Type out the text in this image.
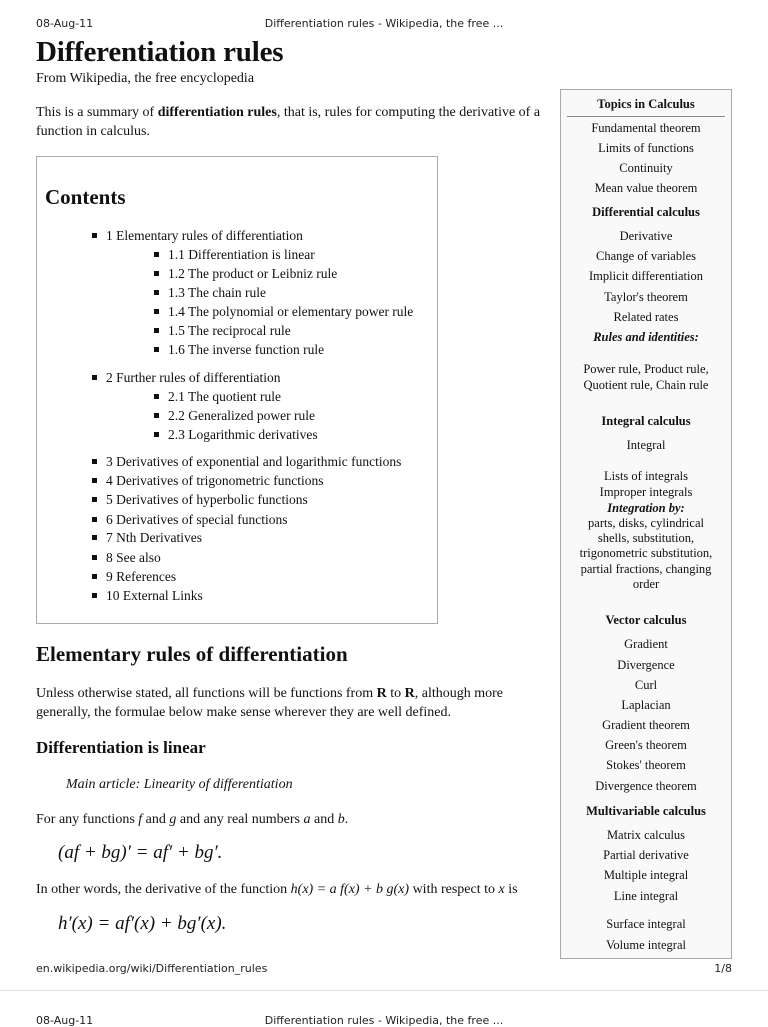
08-Aug-11	Differentiation rules - Wikipedia, the free ...
Differentiation rules
From Wikipedia, the free encyclopedia
This is a summary of differentiation rules, that is, rules for computing the derivative of a function in calculus.
Contents
1 Elementary rules of differentiation
1.1 Differentiation is linear
1.2 The product or Leibniz rule
1.3 The chain rule
1.4 The polynomial or elementary power rule
1.5 The reciprocal rule
1.6 The inverse function rule
2 Further rules of differentiation
2.1 The quotient rule
2.2 Generalized power rule
2.3 Logarithmic derivatives
3 Derivatives of exponential and logarithmic functions
4 Derivatives of trigonometric functions
5 Derivatives of hyperbolic functions
6 Derivatives of special functions
7 Nth Derivatives
8 See also
9 References
10 External Links
Elementary rules of differentiation
Unless otherwise stated, all functions will be functions from R to R, although more generally, the formulae below make sense wherever they are well defined.
Differentiation is linear
Main article: Linearity of differentiation
For any functions f and g and any real numbers a and b.
(af + bg)′ = af′ + bg′.
In other words, the derivative of the function h(x) = a f(x) + b g(x) with respect to x is
h′(x) = af′(x) + bg′(x).
Topics in Calculus
Fundamental theorem
Limits of functions
Continuity
Mean value theorem
Differential calculus
Derivative
Change of variables
Implicit differentiation
Taylor's theorem
Related rates
Rules and identities:
Power rule, Product rule,
Quotient rule, Chain rule
Integral calculus
Integral
Lists of integrals
Improper integrals
Integration by:
parts, disks, cylindrical
shells, substitution,
trigonometric substitution,
partial fractions, changing
order
Vector calculus
Gradient
Divergence
Curl
Laplacian
Gradient theorem
Green's theorem
Stokes' theorem
Divergence theorem
Multivariable calculus
Matrix calculus
Partial derivative
Multiple integral
Line integral
Surface integral
Volume integral
en.wikipedia.org/wiki/Differentiation_rules	1/8
08-Aug-11	Differentiation rules - Wikipedia, the free ...
